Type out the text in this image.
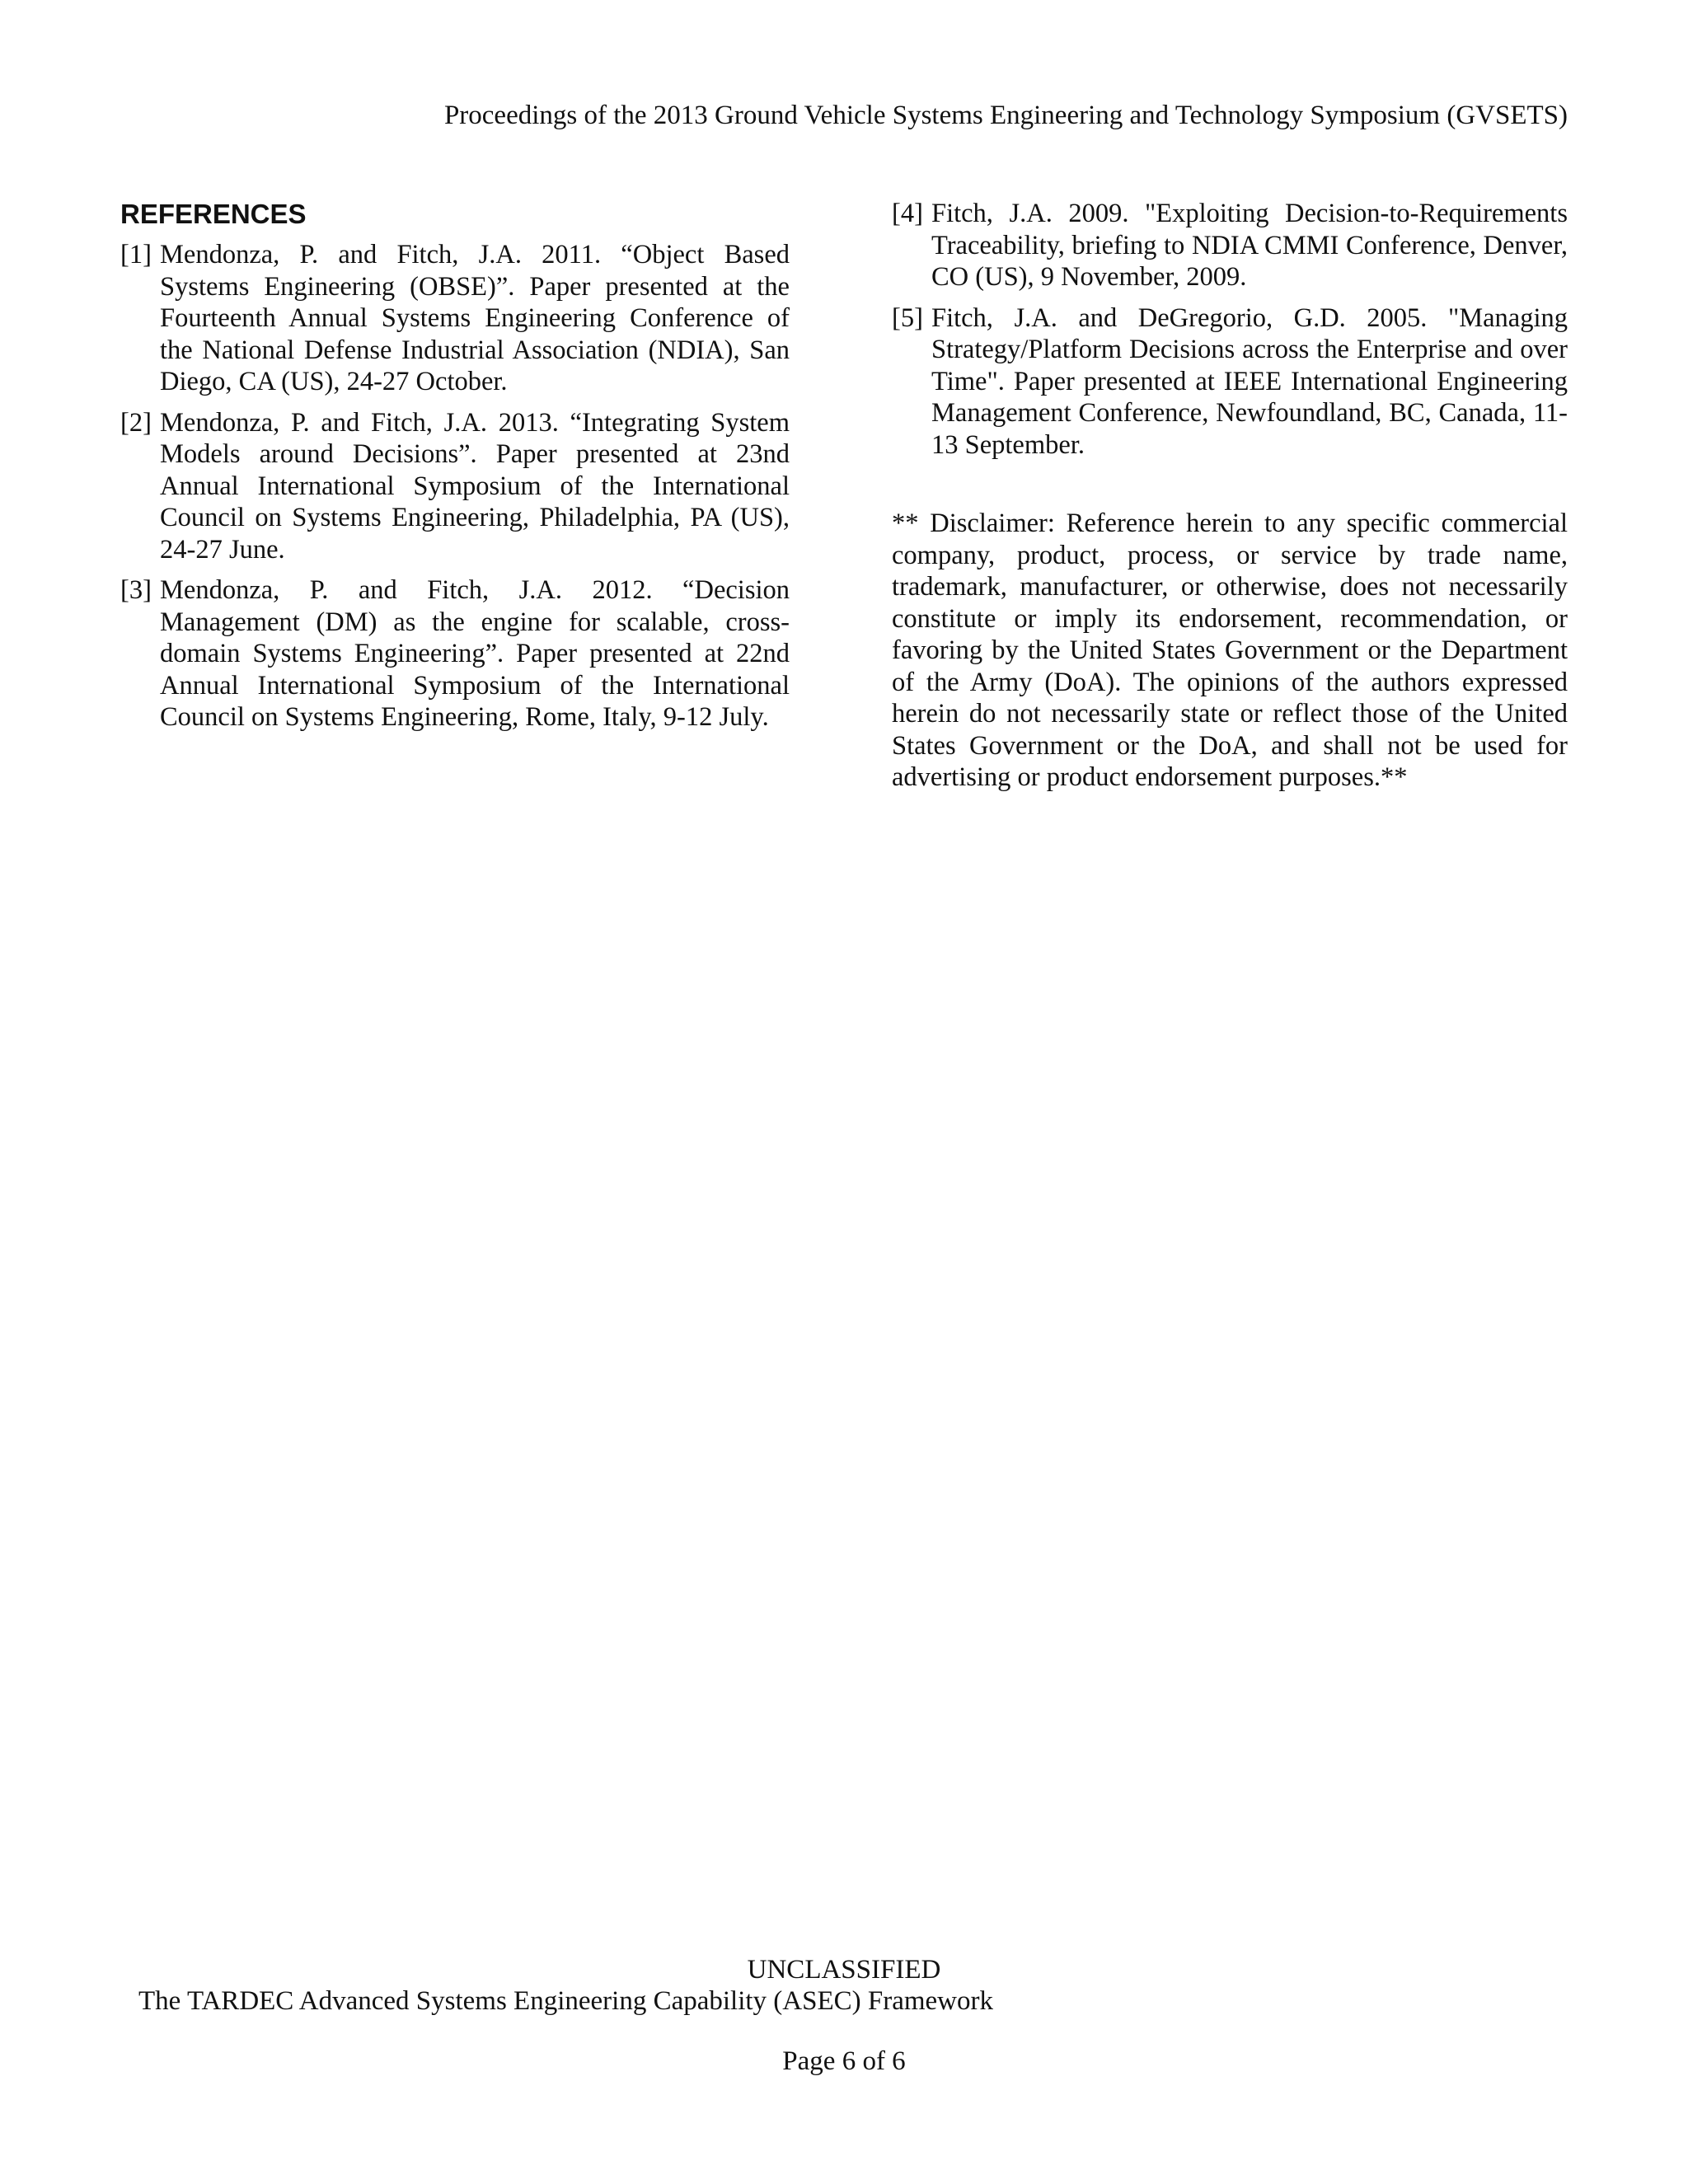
Proceedings of the 2013 Ground Vehicle Systems Engineering and Technology Symposium (GVSETS)
REFERENCES
[1] Mendonza, P. and Fitch, J.A. 2011. “Object Based Systems Engineering (OBSE)”. Paper presented at the Fourteenth Annual Systems Engineering Conference of the National Defense Industrial Association (NDIA), San Diego, CA (US), 24-27 October.
[2] Mendonza, P. and Fitch, J.A. 2013. “Integrating System Models around Decisions”. Paper presented at 23nd Annual International Symposium of the International Council on Systems Engineering, Philadelphia, PA (US), 24-27 June.
[3] Mendonza, P. and Fitch, J.A. 2012. “Decision Management (DM) as the engine for scalable, cross-domain Systems Engineering”. Paper presented at 22nd Annual International Symposium of the International Council on Systems Engineering, Rome, Italy, 9-12 July.
[4] Fitch, J.A. 2009. "Exploiting Decision-to-Requirements Traceability, briefing to NDIA CMMI Conference, Denver, CO (US), 9 November, 2009.
[5] Fitch, J.A. and DeGregorio, G.D. 2005. "Managing Strategy/Platform Decisions across the Enterprise and over Time". Paper presented at IEEE International Engineering Management Conference, Newfoundland, BC, Canada, 11-13 September.
** Disclaimer: Reference herein to any specific commercial company, product, process, or service by trade name, trademark, manufacturer, or otherwise, does not necessarily constitute or imply its endorsement, recommendation, or favoring by the United States Government or the Department of the Army (DoA). The opinions of the authors expressed herein do not necessarily state or reflect those of the United States Government or the DoA, and shall not be used for advertising or product endorsement purposes.**
UNCLASSIFIED
The TARDEC Advanced Systems Engineering Capability (ASEC) Framework
Page 6 of 6
